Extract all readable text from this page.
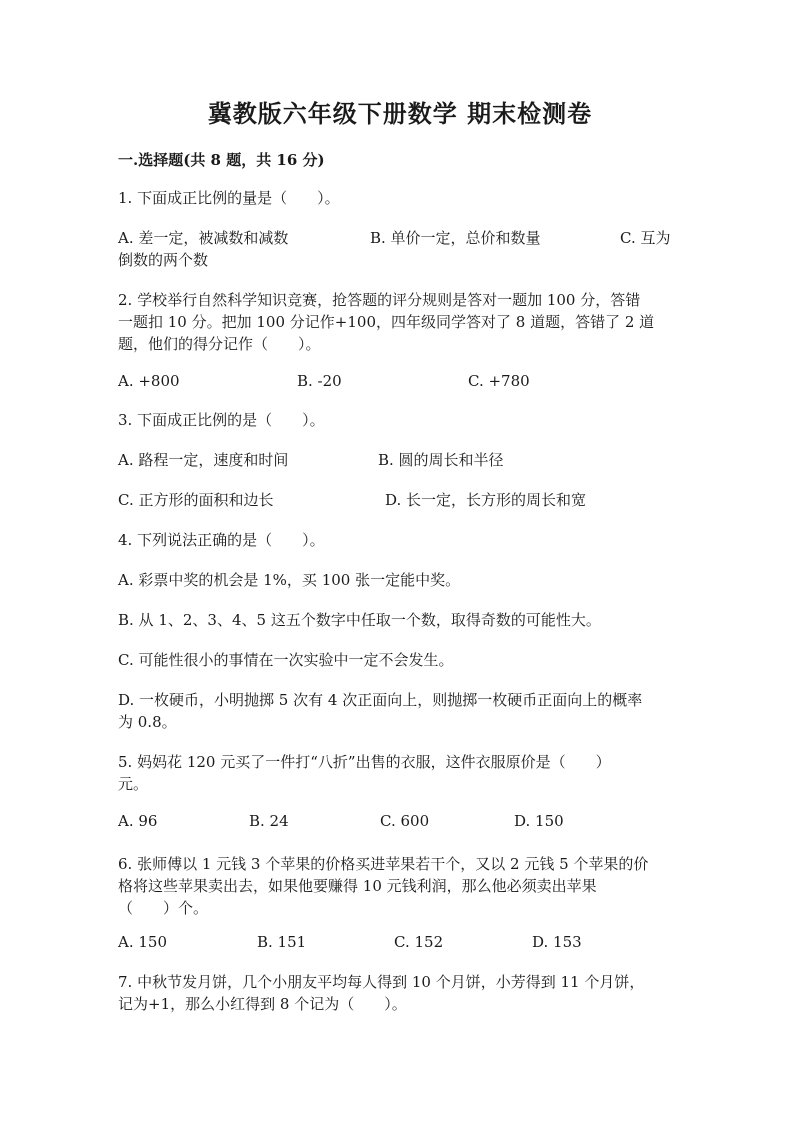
冀教版六年级下册数学 期末检测卷
一.选择题(共 8 题，共 16 分)
1. 下面成正比例的量是（　　）。
A. 差一定，被减数和减数	B. 单价一定，总价和数量	C. 互为
倒数的两个数
2. 学校举行自然科学知识竞赛，抢答题的评分规则是答对一题加 100 分，答错
一题扣 10 分。把加 100 分记作+100，四年级同学答对了 8 道题，答错了 2 道
题，他们的得分记作（　　）。
A. +800	B. -20	C. +780
3. 下面成正比例的是（　　）。
A. 路程一定，速度和时间	B. 圆的周长和半径
C. 正方形的面积和边长	D. 长一定，长方形的周长和宽
4. 下列说法正确的是（　　）。
A. 彩票中奖的机会是 1%，买 100 张一定能中奖。
B. 从 1、2、3、4、5 这五个数字中任取一个数，取得奇数的可能性大。
C. 可能性很小的事情在一次实验中一定不会发生。
D. 一枚硬币，小明抛掷 5 次有 4 次正面向上，则抛掷一枚硬币正面向上的概率
为 0.8。
5. 妈妈花 120 元买了一件打“八折”出售的衣服，这件衣服原价是（　　）
元。
A. 96	B. 24	C. 600	D. 150
6. 张师傅以 1 元钱 3 个苹果的价格买进苹果若干个，又以 2 元钱 5 个苹果的价
格将这些苹果卖出去，如果他要赚得 10 元钱利润，那么他必须卖出苹果
（　　）个。
A. 150	B. 151	C. 152	D. 153
7. 中秋节发月饼，几个小朋友平均每人得到 10 个月饼，小芳得到 11 个月饼，
记为+1，那么小红得到 8 个记为（　　）。
